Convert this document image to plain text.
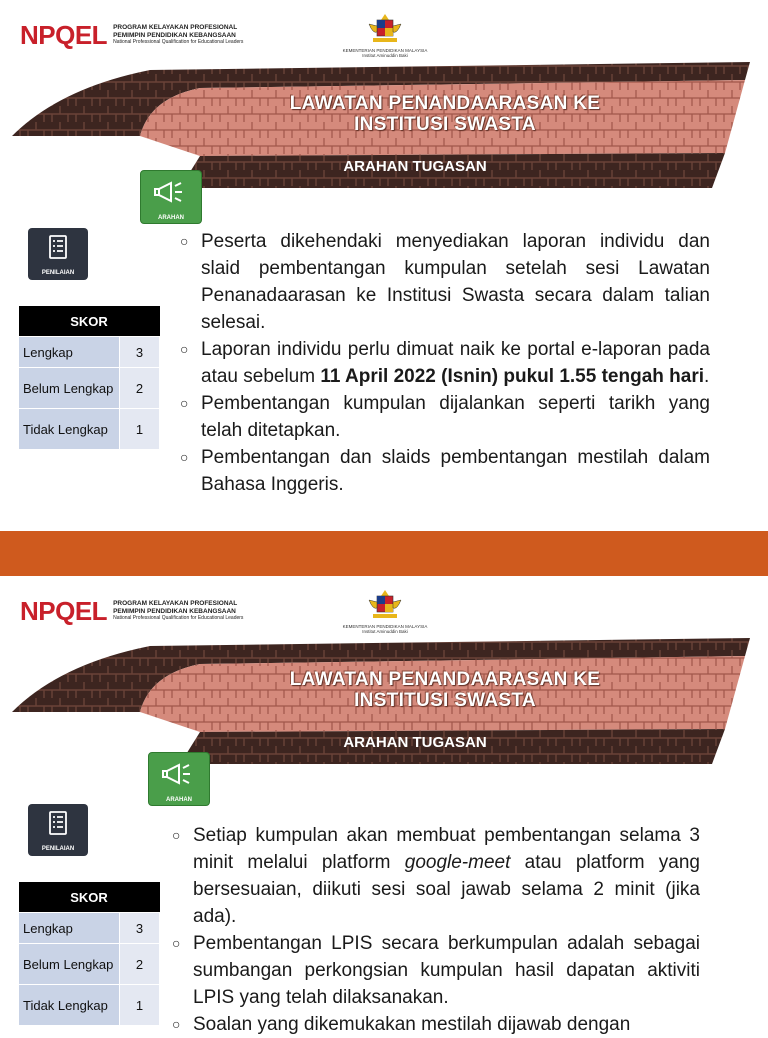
NPQEL PROGRAM KELAYAKAN PROFESIONAL
PEMIMPIN PENDIDIKAN KEBANGSAAN
National Professional Qualification for Educational Leaders
KEMENTERIAN PENDIDIKAN MALAYSIA
Institut Aminuddin Baki
LAWATAN PENANDAARASAN KE
INSTITUSI SWASTA
ARAHAN TUGASAN
ARAHAN
PENILAIAN
SKOR	
Lengkap	3
Belum Lengkap	2
Tidak Lengkap	1
○ Peserta dikehendaki menyediakan laporan individu dan slaid pembentangan kumpulan setelah sesi Lawatan Penanadaarasan ke Institusi Swasta secara dalam talian selesai.
○ Laporan individu perlu dimuat naik ke portal e-laporan pada atau sebelum 11 April 2022 (Isnin) pukul 1.55 tengah hari.
○ Pembentangan kumpulan dijalankan seperti tarikh yang telah ditetapkan.
○ Pembentangan dan slaids pembentangan mestilah dalam Bahasa Inggeris.
NPQEL PROGRAM KELAYAKAN PROFESIONAL
PEMIMPIN PENDIDIKAN KEBANGSAAN
National Professional Qualification for Educational Leaders
KEMENTERIAN PENDIDIKAN MALAYSIA
Institut Aminuddin Baki
LAWATAN PENANDAARASAN KE
INSTITUSI SWASTA
ARAHAN TUGASAN
ARAHAN
PENILAIAN
SKOR	
Lengkap	3
Belum Lengkap	2
Tidak Lengkap	1
○ Setiap kumpulan akan membuat pembentangan selama 3 minit melalui platform google-meet atau platform yang bersesuaian, diikuti sesi soal jawab selama 2 minit (jika ada).
○ Pembentangan LPIS secara berkumpulan adalah sebagai sumbangan perkongsian kumpulan hasil dapatan aktiviti LPIS yang telah dilaksanakan.
○ Soalan yang dikemukakan mestilah dijawab dengan
